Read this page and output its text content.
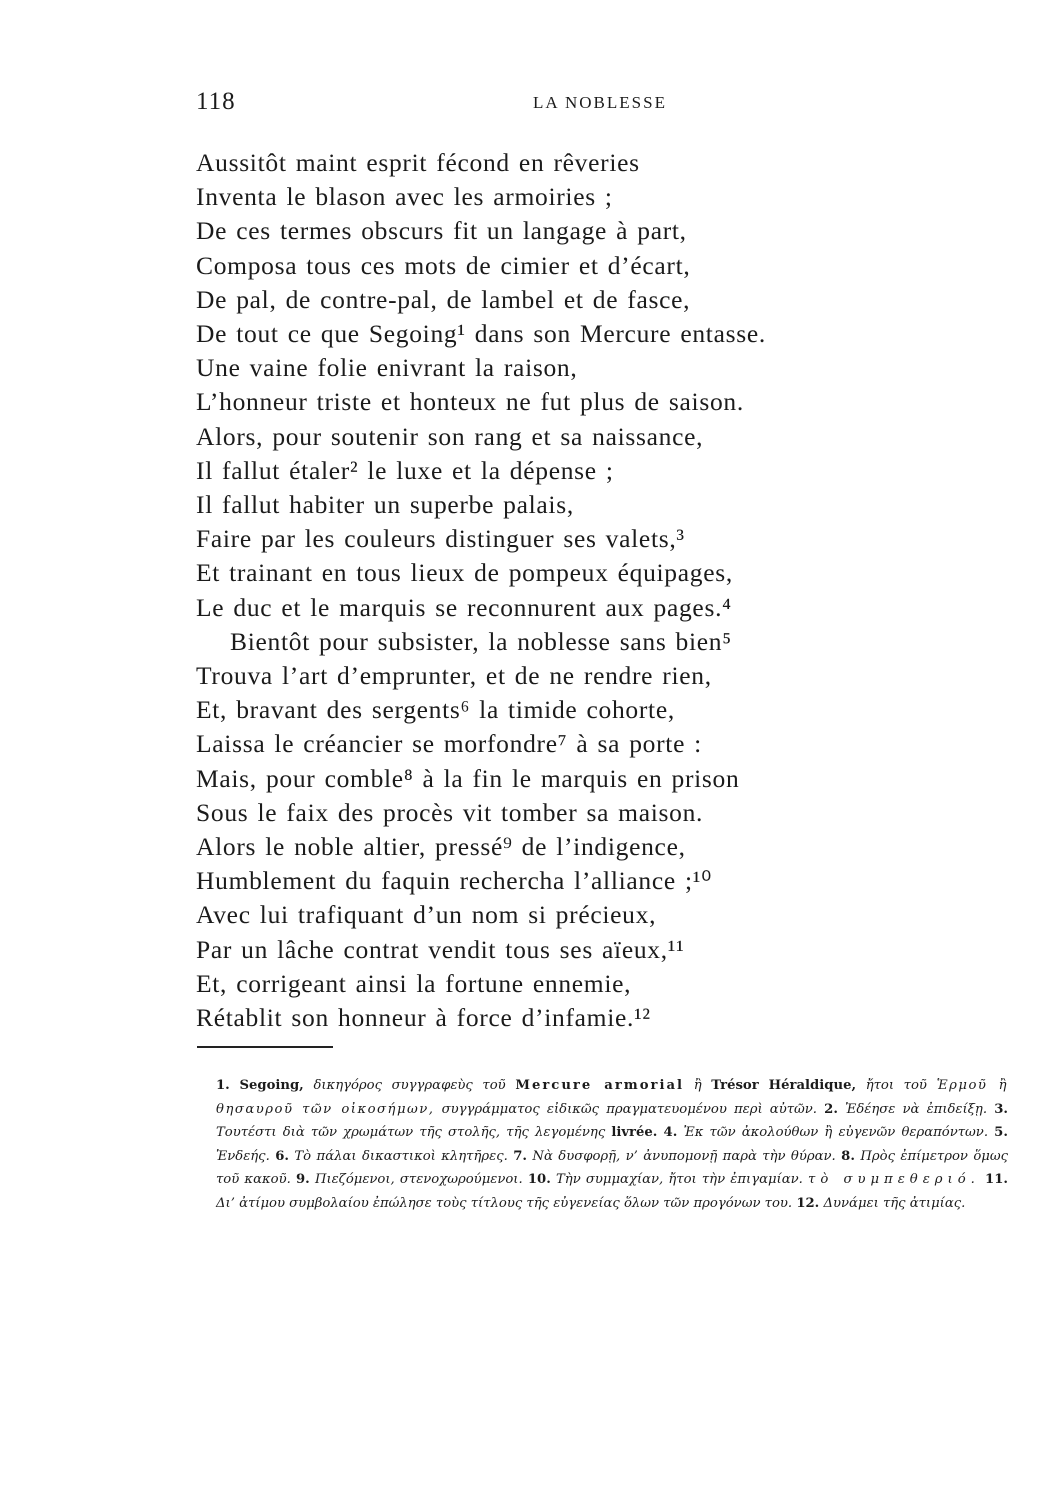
118	LA NOBLESSE
Aussitôt maint esprit fécond en rêveries
Inventa le blason avec les armoiries ;
De ces termes obscurs fit un langage à part,
Composa tous ces mots de cimier et d’écart,
De pal, de contre-pal, de lambel et de fasce,
De tout ce que Segoing¹ dans son Mercure entasse.
Une vaine folie enivrant la raison,
L’honneur triste et honteux ne fut plus de saison.
Alors, pour soutenir son rang et sa naissance,
Il fallut étaler² le luxe et la dépense ;
Il fallut habiter un superbe palais,
Faire par les couleurs distinguer ses valets,³
Et trainant en tous lieux de pompeux équipages,
Le duc et le marquis se reconnurent aux pages.⁴
Bientôt pour subsister, la noblesse sans bien⁵
Trouva l’art d’emprunter, et de ne rendre rien,
Et, bravant des sergents⁶ la timide cohorte,
Laissa le créancier se morfondre⁷ à sa porte :
Mais, pour comble⁸ à la fin le marquis en prison
Sous le faix des procès vit tomber sa maison.
Alors le noble altier, pressé⁹ de l’indigence,
Humblement du faquin rechercha l’alliance ;¹⁰
Avec lui trafiquant d’un nom si précieux,
Par un lâche contrat vendit tous ses aïeux,¹¹
Et, corrigeant ainsi la fortune ennemie,
Rétablit son honneur à force d’infamie.¹²
1. Segoing, δικηγόρος συγγραφεὺς τοῦ Mercure armorial ἢ Trésor Héraldique, ἤτοι τοῦ Ἑρμοῦ ἢ θησαυροῦ τῶν οἰκοσήμων, συγγράμματος εἰδικῶς πραγματευομένου περὶ αὐτῶν. 2. Ἐδέησε νὰ ἐπιδείξῃ. 3. Τουτέστι διὰ τῶν χρωμάτων τῆς στολῆς, τῆς λεγομένης livrée. 4. Ἐκ τῶν ἀκολούθων ἢ εὐγενῶν θεραπόντων. 5. Ἐνδεής. 6. Τὸ πάλαι δικαστικοὶ κλητῆρες. 7. Νὰ δυσφορῇ, ν’ ἀνυπομονῇ παρὰ τὴν θύραν. 8. Πρὸς ἐπίμετρον ὅμως τοῦ κακοῦ. 9. Πιεζόμενοι, στενοχωρούμενοι. 10. Τὴν συμμαχίαν, ἤτοι τὴν ἐπιγαμίαν. τὸ συμπεθεριό. 11. Δι’ ἀτίμου συμβολαίου ἐπώλησε τοὺς τίτλους τῆς εὐγενείας ὅλων τῶν προγόνων του. 12. Δυνάμει τῆς ἀτιμίας.
